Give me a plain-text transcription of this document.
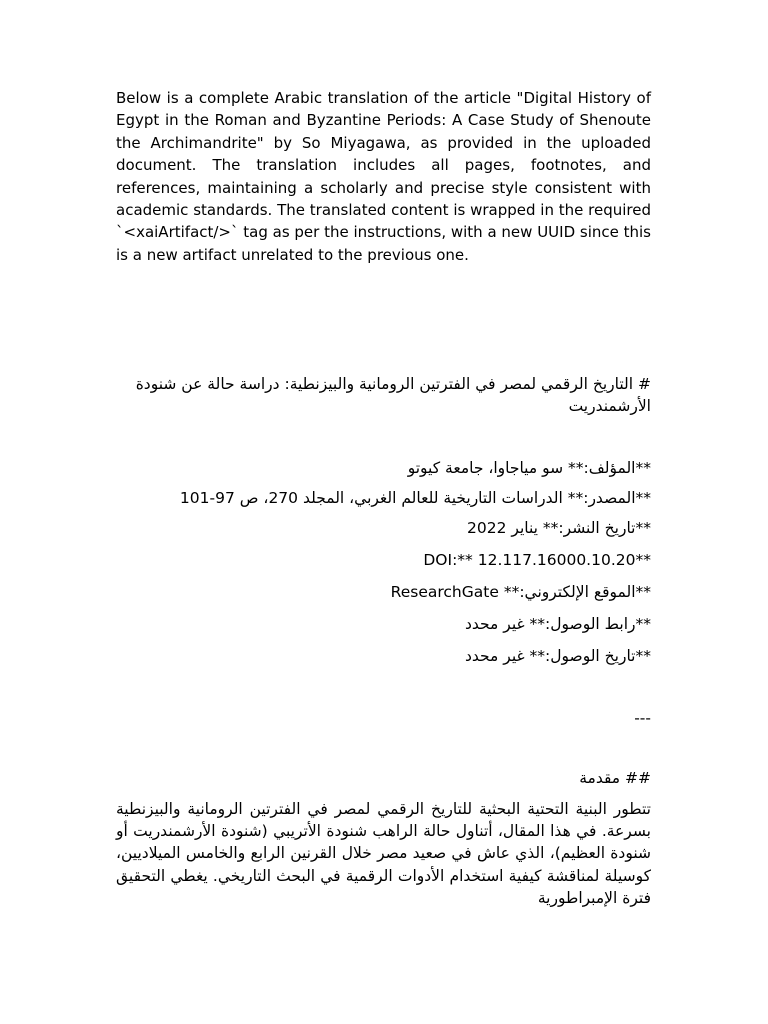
Below is a complete Arabic translation of the article "Digital History of Egypt in the Roman and Byzantine Periods: A Case Study of Shenoute the Archimandrite" by So Miyagawa, as provided in the uploaded document. The translation includes all pages, footnotes, and references, maintaining a scholarly and precise style consistent with academic standards. The translated content is wrapped in the required `<xaiArtifact/>` tag as per the instructions, with a new UUID since this is a new artifact unrelated to the previous one.
# التاريخ الرقمي لمصر في الفترتين الرومانية والبيزنطية: دراسة حالة عن شنودة الأرشمندريت
**المؤلف:** سو مياجاوا، جامعة كيوتو
**المصدر:** الدراسات التاريخية للعالم الغربي، المجلد 270، ص 97-101
**تاريخ النشر:** يناير 2022
**DOI:** 12.117.16000.10.20
**الموقع الإلكتروني:** ResearchGate
**رابط الوصول:** غير محدد
**تاريخ الوصول:** غير محدد
---
## مقدمة
تتطور البنية التحتية البحثية للتاريخ الرقمي لمصر في الفترتين الرومانية والبيزنطية بسرعة. في هذا المقال، أتناول حالة الراهب شنودة الأتريبي (شنودة الأرشمندريت أو شنودة العظيم)، الذي عاش في صعيد مصر خلال القرنين الرابع والخامس الميلاديين، كوسيلة لمناقشة كيفية استخدام الأدوات الرقمية في البحث التاريخي. يغطي التحقيق فترة الإمبراطورية
